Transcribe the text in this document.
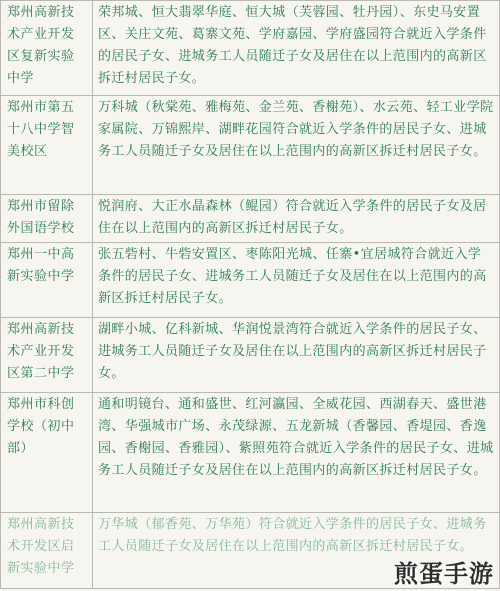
郑州高新技术产业开发区复新实验中学	荣邦城、恒大翡翠华庭、恒大城（芙蓉园、牡丹园）、东史马安置区、关庄文苑、葛寨文苑、学府嘉园、学府盛园符合就近入学条件的居民子女、进城务工人员随迁子女及居住在以上范围内的高新区拆迁村居民子女。
郑州市第五十八中学智美校区	万科城（秋棠苑、雅梅苑、金兰苑、香榭苑）、水云苑、轻工业学院家属院、万锦熙岸、湖畔花园符合就近入学条件的居民子女、进城务工人员随迁子女及居住在以上范围内的高新区拆迁村居民子女。
郑州市留除外国语学校	悦润府、大正水晶森林（鲲园）符合就近入学条件的居民子女及居住在以上范围内的高新区拆迁村居民子女。
郑州一中高新实验中学	张五砦村、牛砦安置区、枣陈阳光城、任寨•宜居城符合就近入学条件的居民子女、进城务工人员随迁子女及居住在以上范围内的高新区拆迁村居民子女。
郑州高新技术产业开发区第二中学	湖畔小城、亿科新城、华润悦景湾符合就近入学条件的居民子女、进城务工人员随迁子女及居住在以上范围内的高新区拆迁村居民子女。
郑州市科创学校（初中部）	通和明镜台、通和盛世、红河瀛园、全威花园、西湖春天、盛世港湾、华强城市广场、永茂绿源、五龙新城（香馨园、香堤园、香逸园、香榭园、香雅园）、紫照苑符合就近入学条件的居民子女、进城务工人员随迁子女及居住在以上范围内的高新区拆迁村居民子女。
郑州高新技术开发区启新实验中学	万华城（郁香苑、万华苑）符合就近入学条件的居民子女、进城务工人员随迁子女及居住在以上范围内的高新区拆迁村居民子女。
煎蛋手游
